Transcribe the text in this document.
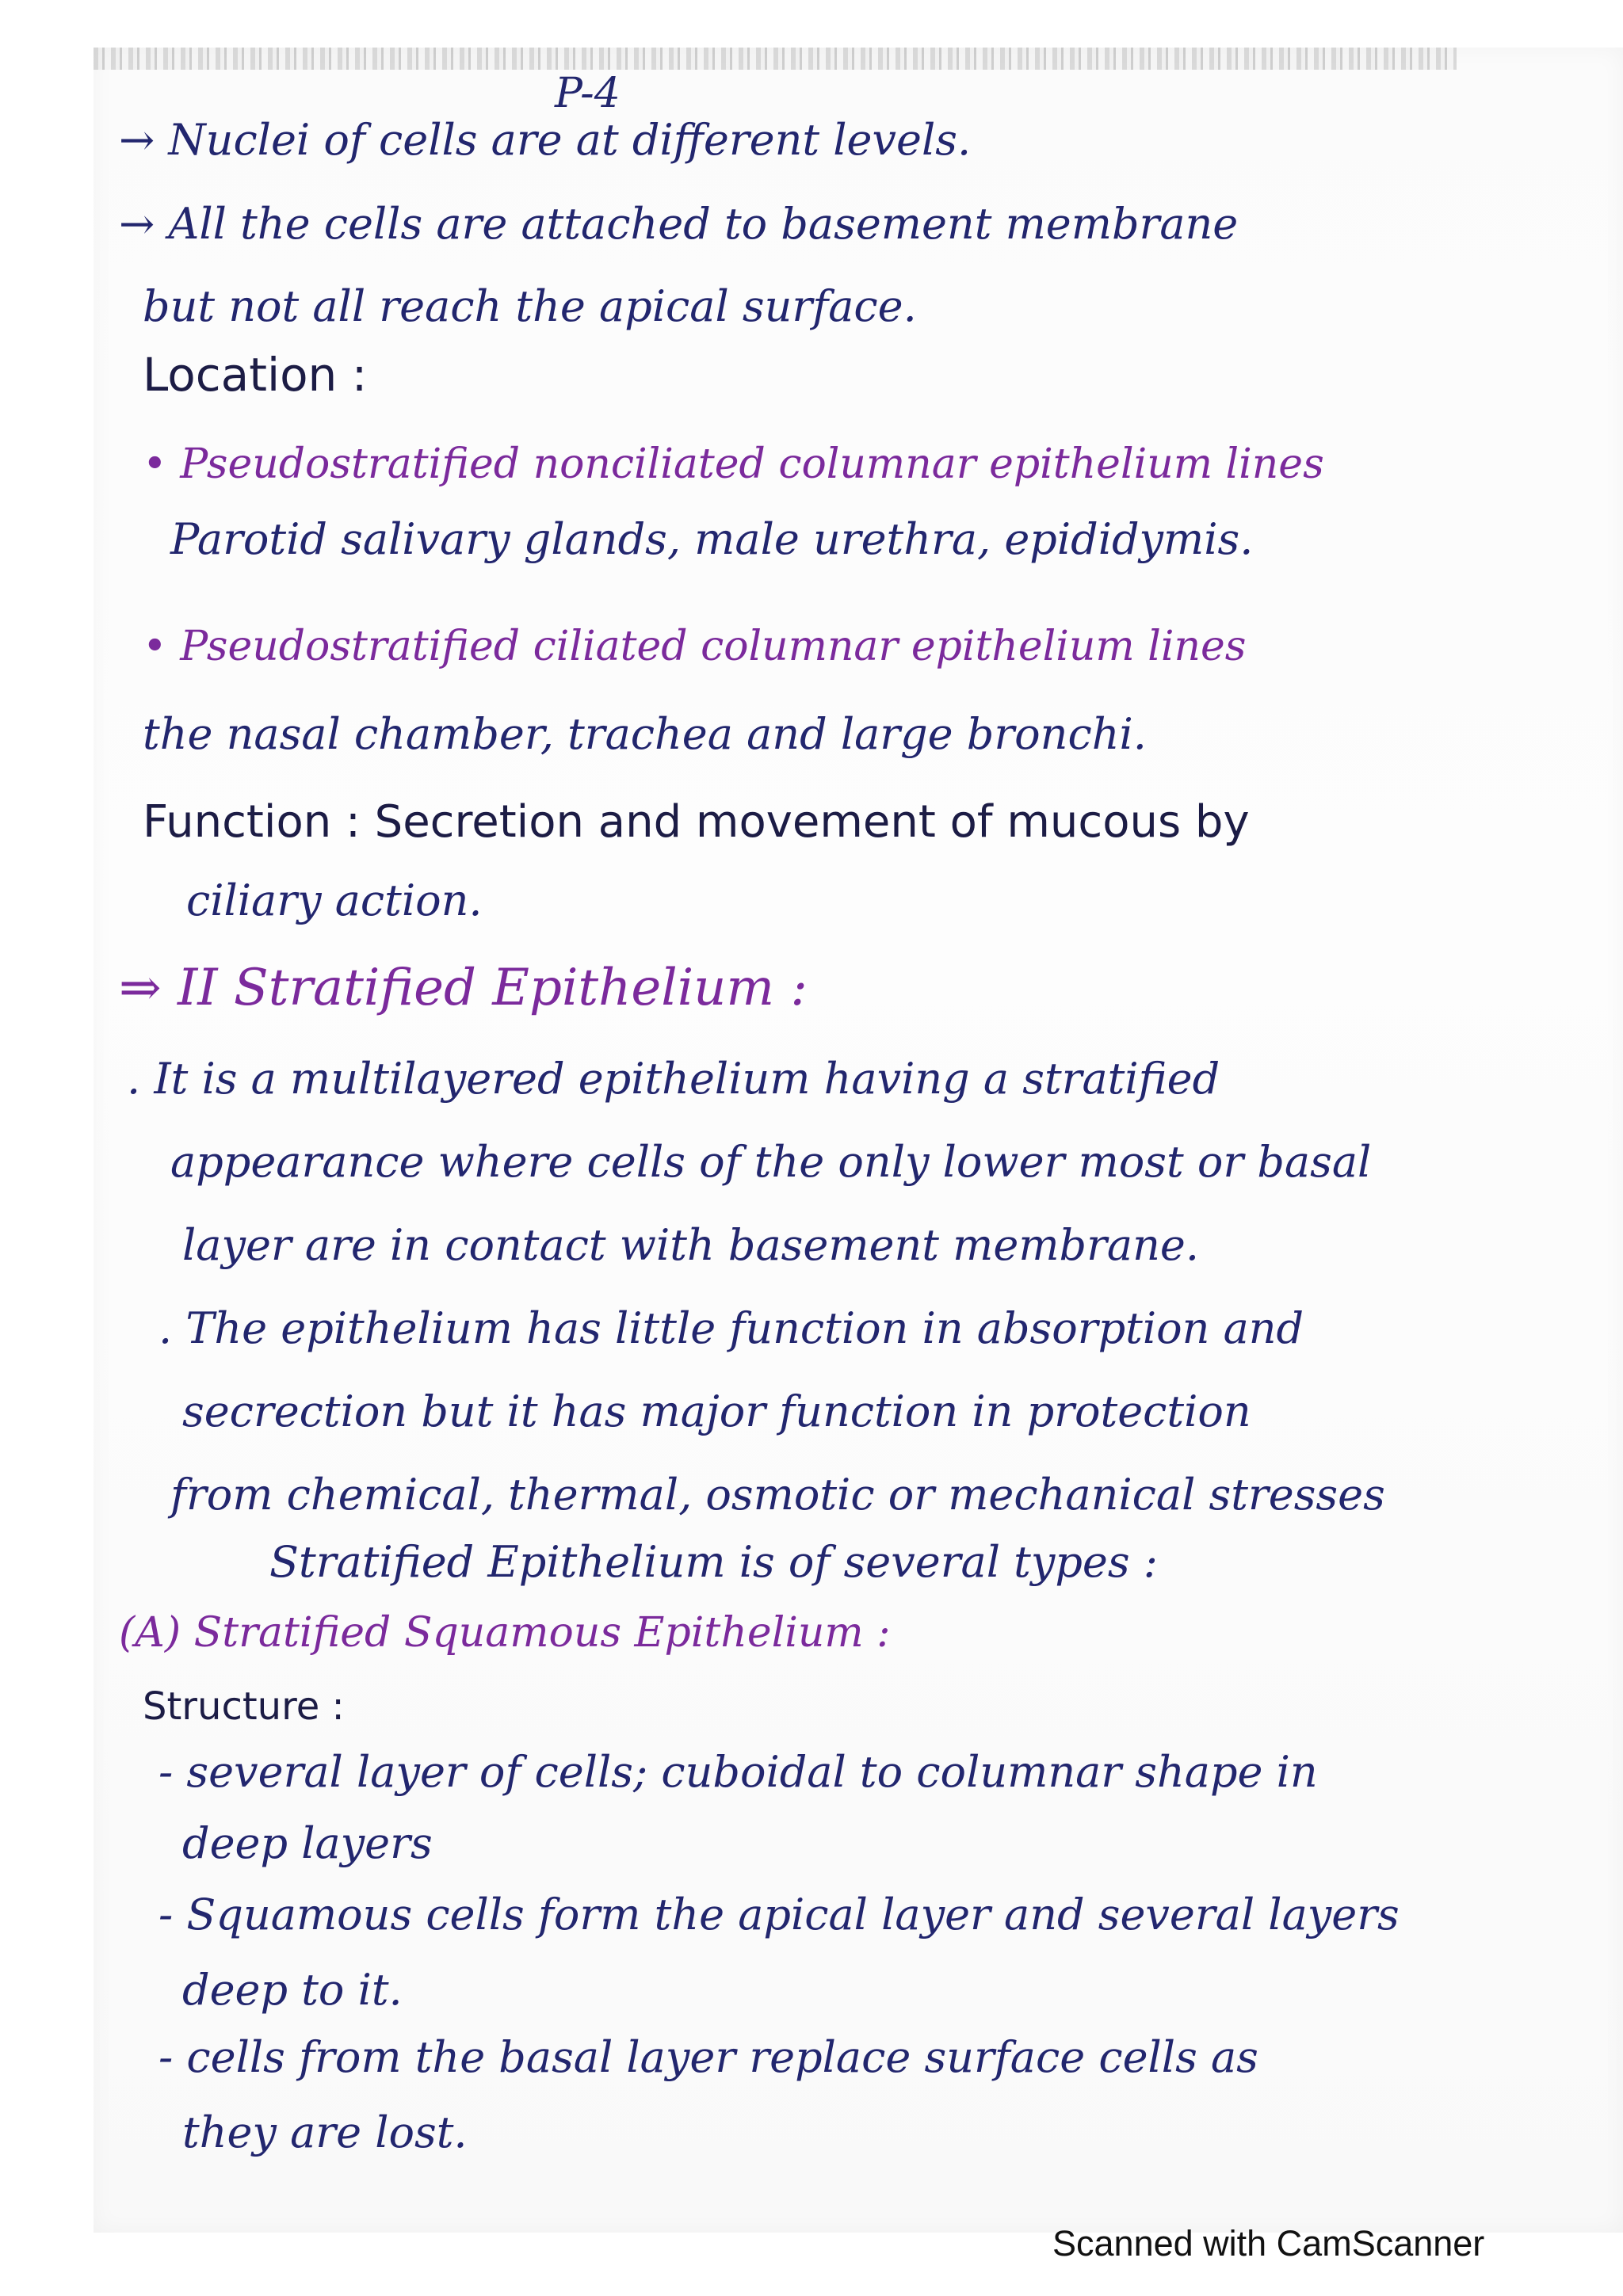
P-4
→ Nuclei of cells are at different levels.
→ All the cells are attached to basement membrane
but not all reach the apical surface.
Location :
• Pseudostratified nonciliated columnar epithelium lines
Parotid salivary glands, male urethra, epididymis.
• Pseudostratified ciliated columnar epithelium lines
the nasal chamber, trachea and large bronchi.
Function : Secretion and movement of mucous by
ciliary action.
⇒ II Stratified Epithelium :
. It is a multilayered epithelium having a stratified
appearance where cells of the only lower most or basal
layer are in contact with basement membrane.
. The epithelium has little function in absorption and
secrection but it has major function in protection
from chemical, thermal, osmotic or mechanical stresses
Stratified Epithelium is of several types :
(A) Stratified Squamous Epithelium :
Structure :
- several layer of cells; cuboidal to columnar shape in
deep layers
- Squamous cells form the apical layer and several layers
deep to it.
- cells from the basal layer replace surface cells as
they are lost.
Scanned with CamScanner
